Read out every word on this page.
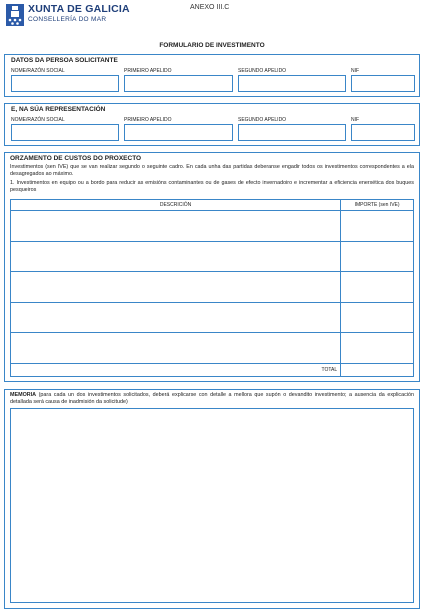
XUNTA DE GALICIA
CONSELLERÍA DO MAR
ANEXO III.C
FORMULARIO DE INVESTIMENTO
DATOS DA PERSOA SOLICITANTE
NOME/RAZÓN SOCIAL	PRIMEIRO APELIDO	SEGUNDO APELIDO	NIF
E, NA SÚA REPRESENTACIÓN
NOME/RAZÓN SOCIAL	PRIMEIRO APELIDO	SEGUNDO APELIDO	NIF
ORZAMENTO DE CUSTOS DO PROXECTO
Investimentos (sen IVE) que se van realizar segundo o seguinte cadro. En cada unha das partidas deberanse engadir todos os investimentos correspondentes a ela desagregados ao máximo.
1. Investimentos en equipo ou a bordo para reducir as emisións contaminantes ou de gases de efecto invernadoiro e incrementar a eficiencia enerxética dos buques pesqueiros
DESCRICIÓN	IMPORTE (sen IVE)

TOTAL	
MEMORIA (para cada un dos investimentos solicitados, deberá explicarse con detalle a mellora que supón o devandito investimento; a ausencia da explicación detallada será causa de inadmisión da solicitude)
